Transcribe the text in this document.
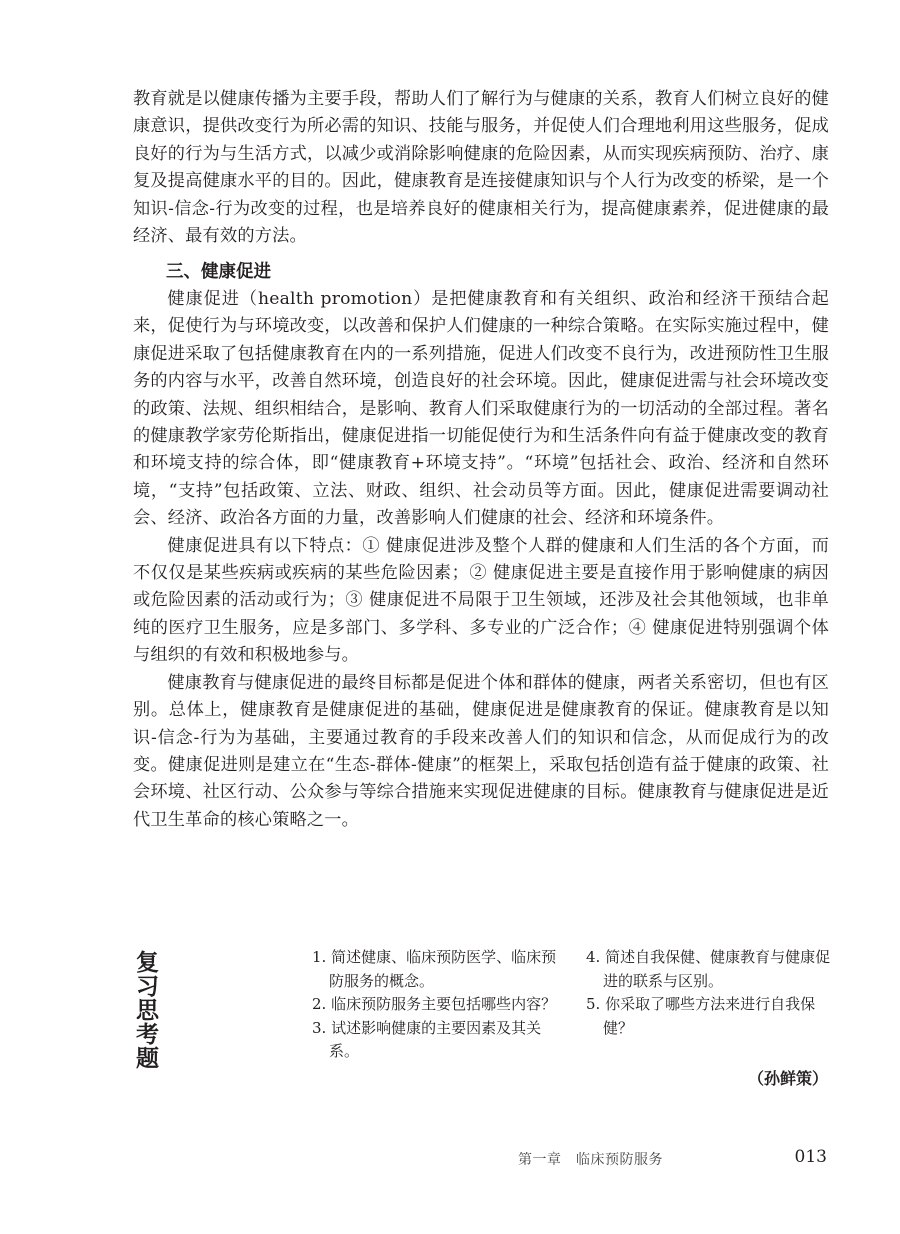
教育就是以健康传播为主要手段，帮助人们了解行为与健康的关系，教育人们树立良好的健康意识，提供改变行为所必需的知识、技能与服务，并促使人们合理地利用这些服务，促成良好的行为与生活方式，以减少或消除影响健康的危险因素，从而实现疾病预防、治疗、康复及提高健康水平的目的。因此，健康教育是连接健康知识与个人行为改变的桥梁，是一个知识-信念-行为改变的过程，也是培养良好的健康相关行为，提高健康素养，促进健康的最经济、最有效的方法。

三、健康促进

健康促进（health promotion）是把健康教育和有关组织、政治和经济干预结合起来，促使行为与环境改变，以改善和保护人们健康的一种综合策略。在实际实施过程中，健康促进采取了包括健康教育在内的一系列措施，促进人们改变不良行为，改进预防性卫生服务的内容与水平，改善自然环境，创造良好的社会环境。因此，健康促进需与社会环境改变的政策、法规、组织相结合，是影响、教育人们采取健康行为的一切活动的全部过程。著名的健康教学家劳伦斯指出，健康促进指一切能促使行为和生活条件向有益于健康改变的教育和环境支持的综合体，即“健康教育+环境支持”。“环境”包括社会、政治、经济和自然环境，“支持”包括政策、立法、财政、组织、社会动员等方面。因此，健康促进需要调动社会、经济、政治各方面的力量，改善影响人们健康的社会、经济和环境条件。

健康促进具有以下特点：① 健康促进涉及整个人群的健康和人们生活的各个方面，而不仅仅是某些疾病或疾病的某些危险因素；② 健康促进主要是直接作用于影响健康的病因或危险因素的活动或行为；③ 健康促进不局限于卫生领域，还涉及社会其他领域，也非单纯的医疗卫生服务，应是多部门、多学科、多专业的广泛合作；④ 健康促进特别强调个体与组织的有效和积极地参与。

健康教育与健康促进的最终目标都是促进个体和群体的健康，两者关系密切，但也有区别。总体上，健康教育是健康促进的基础，健康促进是健康教育的保证。健康教育是以知识-信念-行为为基础，主要通过教育的手段来改善人们的知识和信念，从而促成行为的改变。健康促进则是建立在“生态-群体-健康”的框架上，采取包括创造有益于健康的政策、社会环境、社区行动、公众参与等综合措施来实现促进健康的目标。健康教育与健康促进是近代卫生革命的核心策略之一。

复习
思考题
1. 简述健康、临床预防医学、临床预防服务的概念。
2. 临床预防服务主要包括哪些内容？
3. 试述影响健康的主要因素及其关系。
4. 简述自我保健、健康教育与健康促进的联系与区别。
5. 你采取了哪些方法来进行自我保健？

（孙鲜策）

第一章　临床预防服务	013
